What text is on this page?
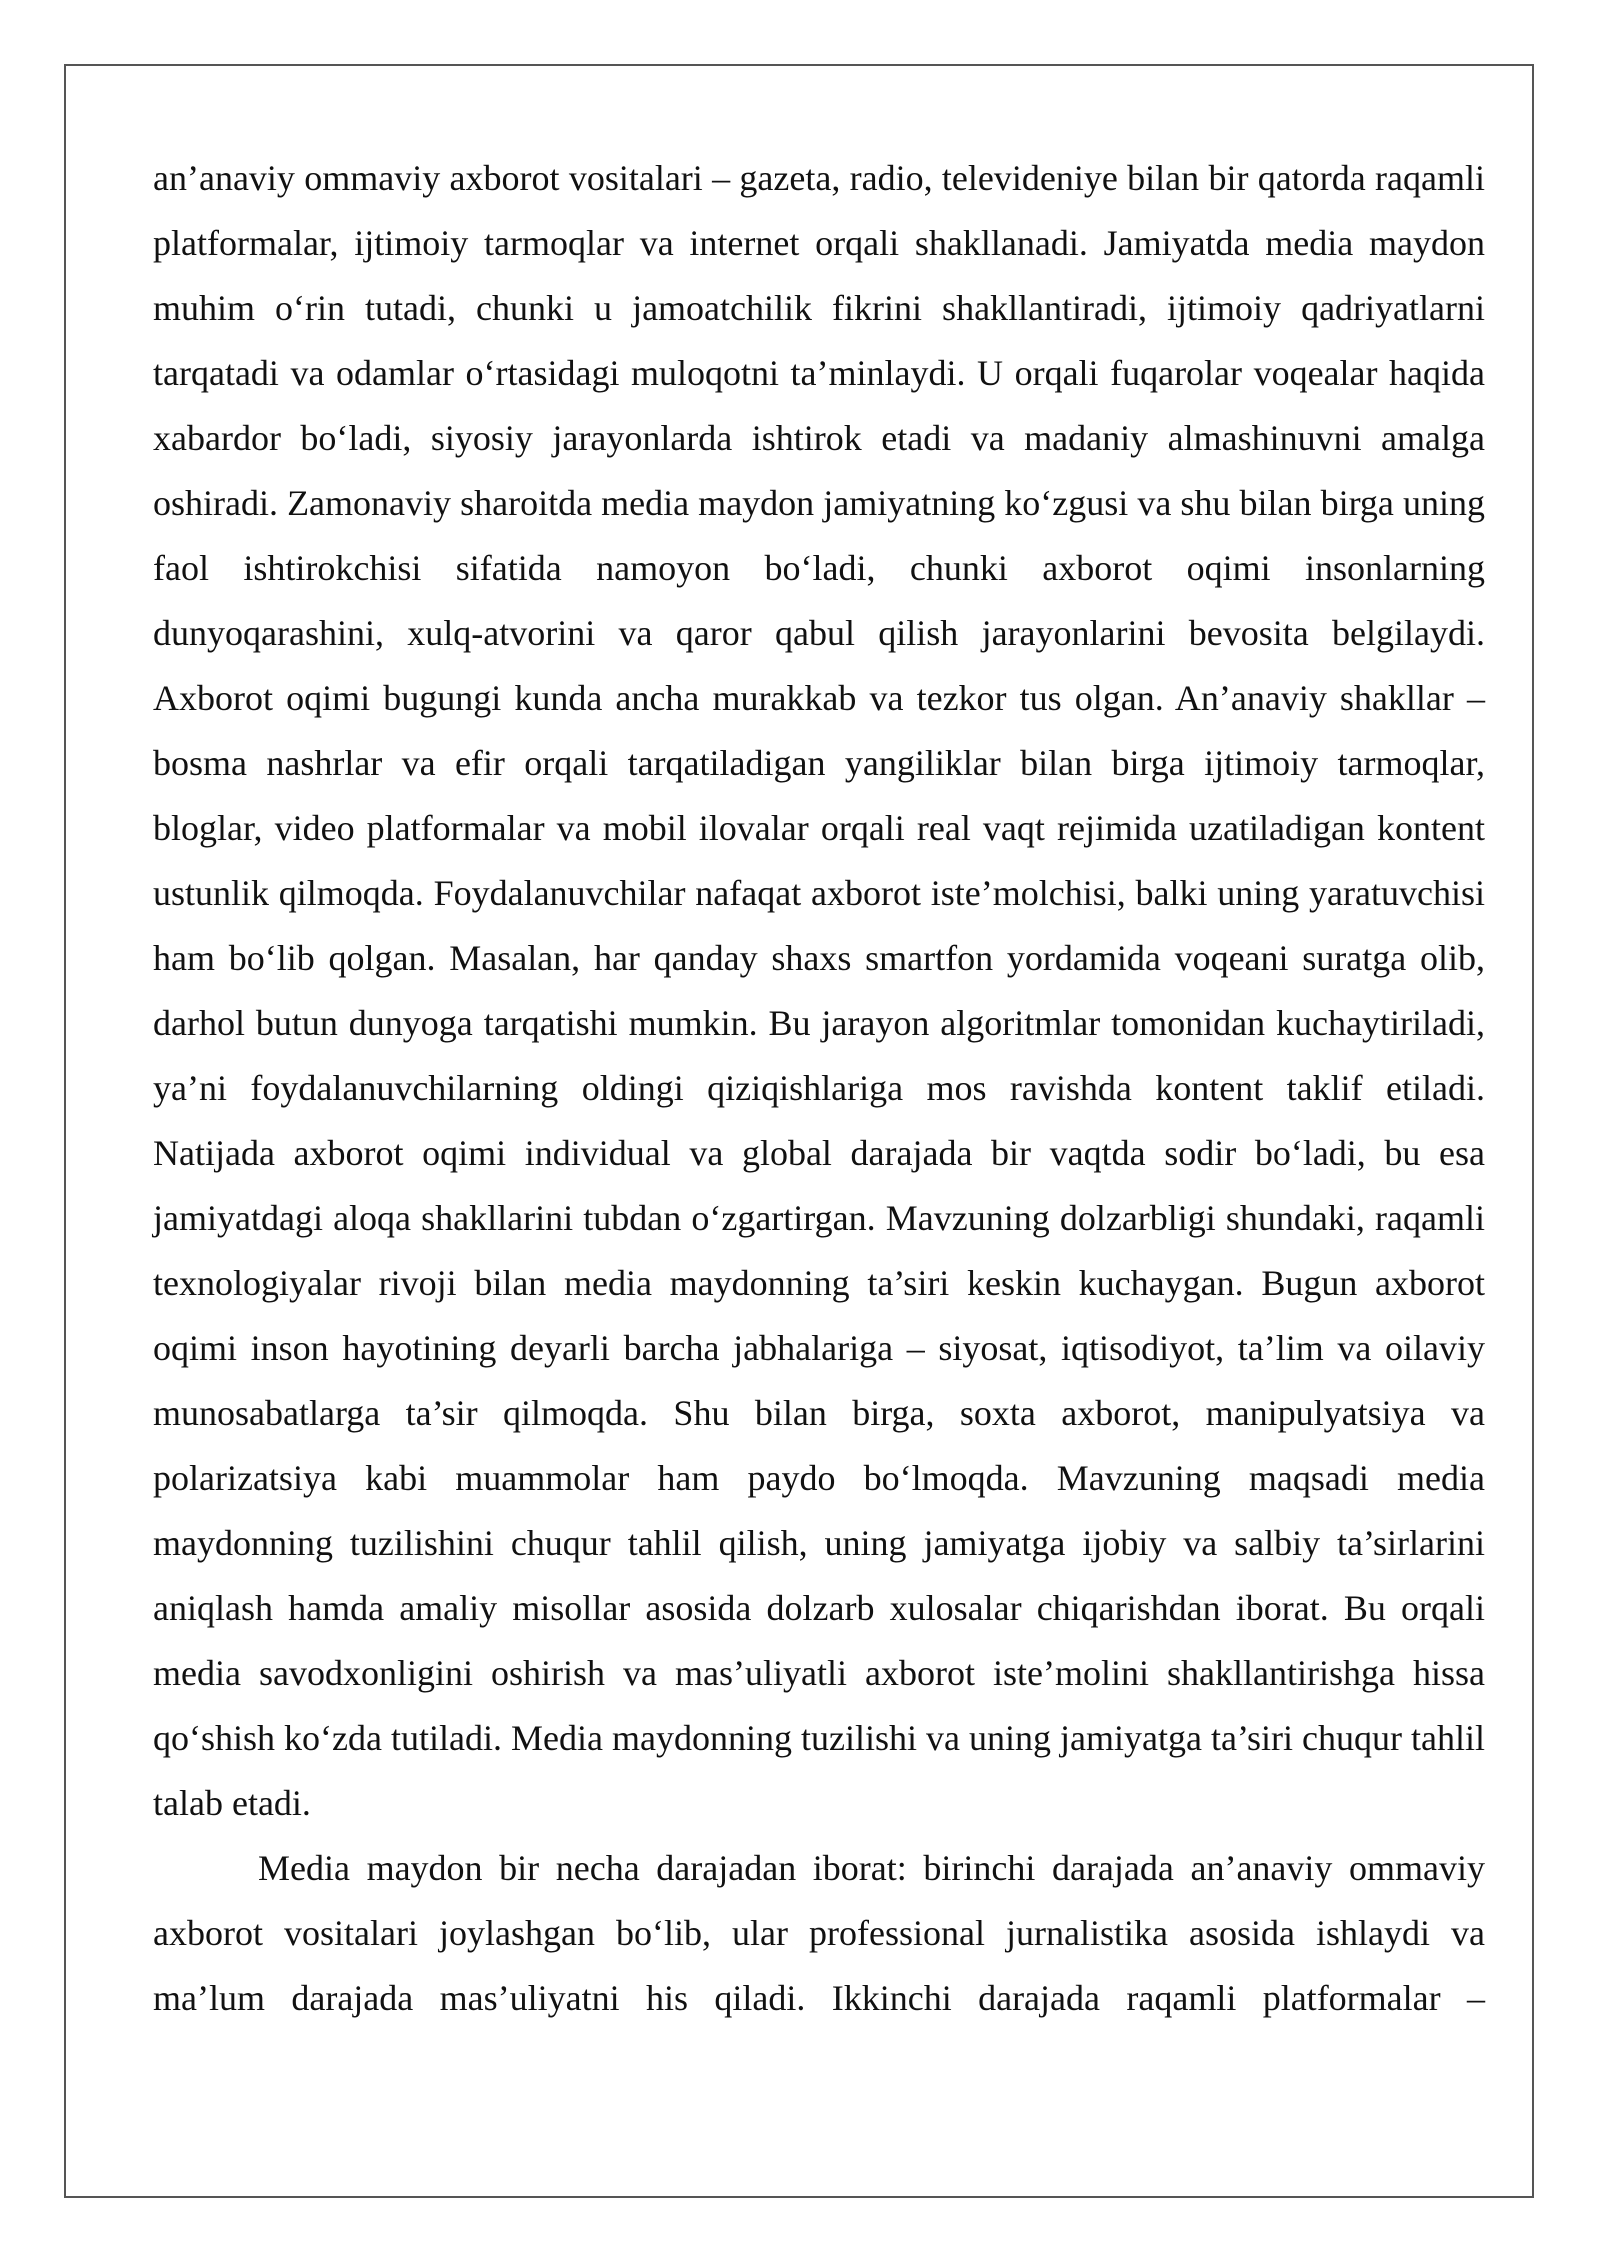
an’anaviy ommaviy axborot vositalari – gazeta, radio, televideniye bilan bir qatorda raqamli platformalar, ijtimoiy tarmoqlar va internet orqali shakllanadi. Jamiyatda media maydon muhim o‘rin tutadi, chunki u jamoatchilik fikrini shakllantiradi, ijtimoiy qadriyatlarni tarqatadi va odamlar o‘rtasidagi muloqotni ta’minlaydi. U orqali fuqarolar voqealar haqida xabardor bo‘ladi, siyosiy jarayonlarda ishtirok etadi va madaniy almashinuvni amalga oshiradi. Zamonaviy sharoitda media maydon jamiyatning ko‘zgusi va shu bilan birga uning faol ishtirokchisi sifatida namoyon bo‘ladi, chunki axborot oqimi insonlarning dunyoqarashini, xulq-atvorini va qaror qabul qilish jarayonlarini bevosita belgilaydi. Axborot oqimi bugungi kunda ancha murakkab va tezkor tus olgan. An’anaviy shakllar – bosma nashrlar va efir orqali tarqatiladigan yangiliklar bilan birga ijtimoiy tarmoqlar, bloglar, video platformalar va mobil ilovalar orqali real vaqt rejimida uzatiladigan kontent ustunlik qilmoqda. Foydalanuvchilar nafaqat axborot iste’molchisi, balki uning yaratuvchisi ham bo‘lib qolgan. Masalan, har qanday shaxs smartfon yordamida voqeani suratga olib, darhol butun dunyoga tarqatishi mumkin. Bu jarayon algoritmlar tomonidan kuchaytiriladi, ya’ni foydalanuvchilarning oldingi qiziqishlariga mos ravishda kontent taklif etiladi. Natijada axborot oqimi individual va global darajada bir vaqtda sodir bo‘ladi, bu esa jamiyatdagi aloqa shakllarini tubdan o‘zgartirgan. Mavzuning dolzarbligi shundaki, raqamli texnologiyalar rivoji bilan media maydonning ta’siri keskin kuchaygan. Bugun axborot oqimi inson hayotining deyarli barcha jabhalariga – siyosat, iqtisodiyot, ta’lim va oilaviy munosabatlarga ta’sir qilmoqda. Shu bilan birga, soxta axborot, manipulyatsiya va polarizatsiya kabi muammolar ham paydo bo‘lmoqda. Mavzuning maqsadi media maydonning tuzilishini chuqur tahlil qilish, uning jamiyatga ijobiy va salbiy ta’sirlarini aniqlash hamda amaliy misollar asosida dolzarb xulosalar chiqarishdan iborat. Bu orqali media savodxonligini oshirish va mas’uliyatli axborot iste’molini shakllantirishga hissa qo‘shish ko‘zda tutiladi. Media maydonning tuzilishi va uning jamiyatga ta’siri chuqur tahlil talab etadi.

Media maydon bir necha darajadan iborat: birinchi darajada an’anaviy ommaviy axborot vositalari joylashgan bo‘lib, ular professional jurnalistika asosida ishlaydi va ma’lum darajada mas’uliyatni his qiladi. Ikkinchi darajada raqamli platformalar –
